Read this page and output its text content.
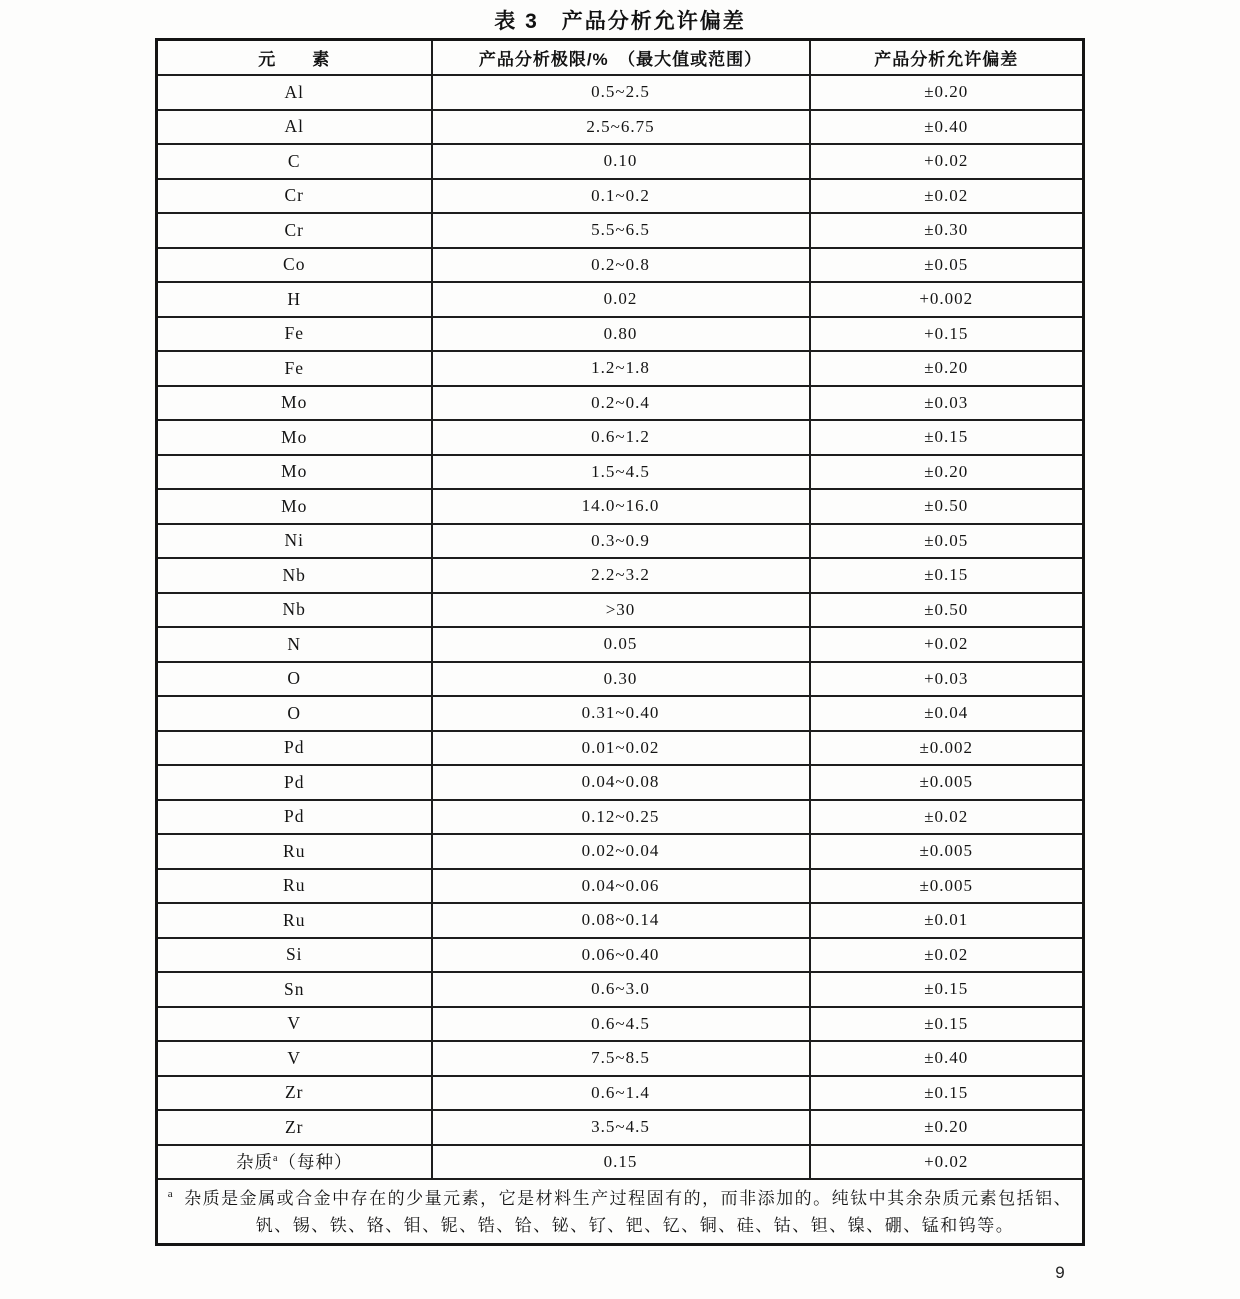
表 3　产品分析允许偏差
元　　素	产品分析极限/%　（最大值或范围）	产品分析允许偏差
Al	0.5~2.5	±0.20
Al	2.5~6.75	±0.40
C	0.10	+0.02
Cr	0.1~0.2	±0.02
Cr	5.5~6.5	±0.30
Co	0.2~0.8	±0.05
H	0.02	+0.002
Fe	0.80	+0.15
Fe	1.2~1.8	±0.20
Mo	0.2~0.4	±0.03
Mo	0.6~1.2	±0.15
Mo	1.5~4.5	±0.20
Mo	14.0~16.0	±0.50
Ni	0.3~0.9	±0.05
Nb	2.2~3.2	±0.15
Nb	>30	±0.50
N	0.05	+0.02
O	0.30	+0.03
O	0.31~0.40	±0.04
Pd	0.01~0.02	±0.002
Pd	0.04~0.08	±0.005
Pd	0.12~0.25	±0.02
Ru	0.02~0.04	±0.005
Ru	0.04~0.06	±0.005
Ru	0.08~0.14	±0.01
Si	0.06~0.40	±0.02
Sn	0.6~3.0	±0.15
V	0.6~4.5	±0.15
V	7.5~8.5	±0.40
Zr	0.6~1.4	±0.15
Zr	3.5~4.5	±0.20
杂质$^a$（每种）	0.15	+0.02

$^a$ 杂质是金属或合金中存在的少量元素，它是材料生产过程固有的，而非添加的。纯钛中其余杂质元素包括铝、
钒、锡、铁、铬、钼、铌、锆、铪、铋、钌、钯、钇、铜、硅、钴、钽、镍、硼、锰和钨等。		
9
